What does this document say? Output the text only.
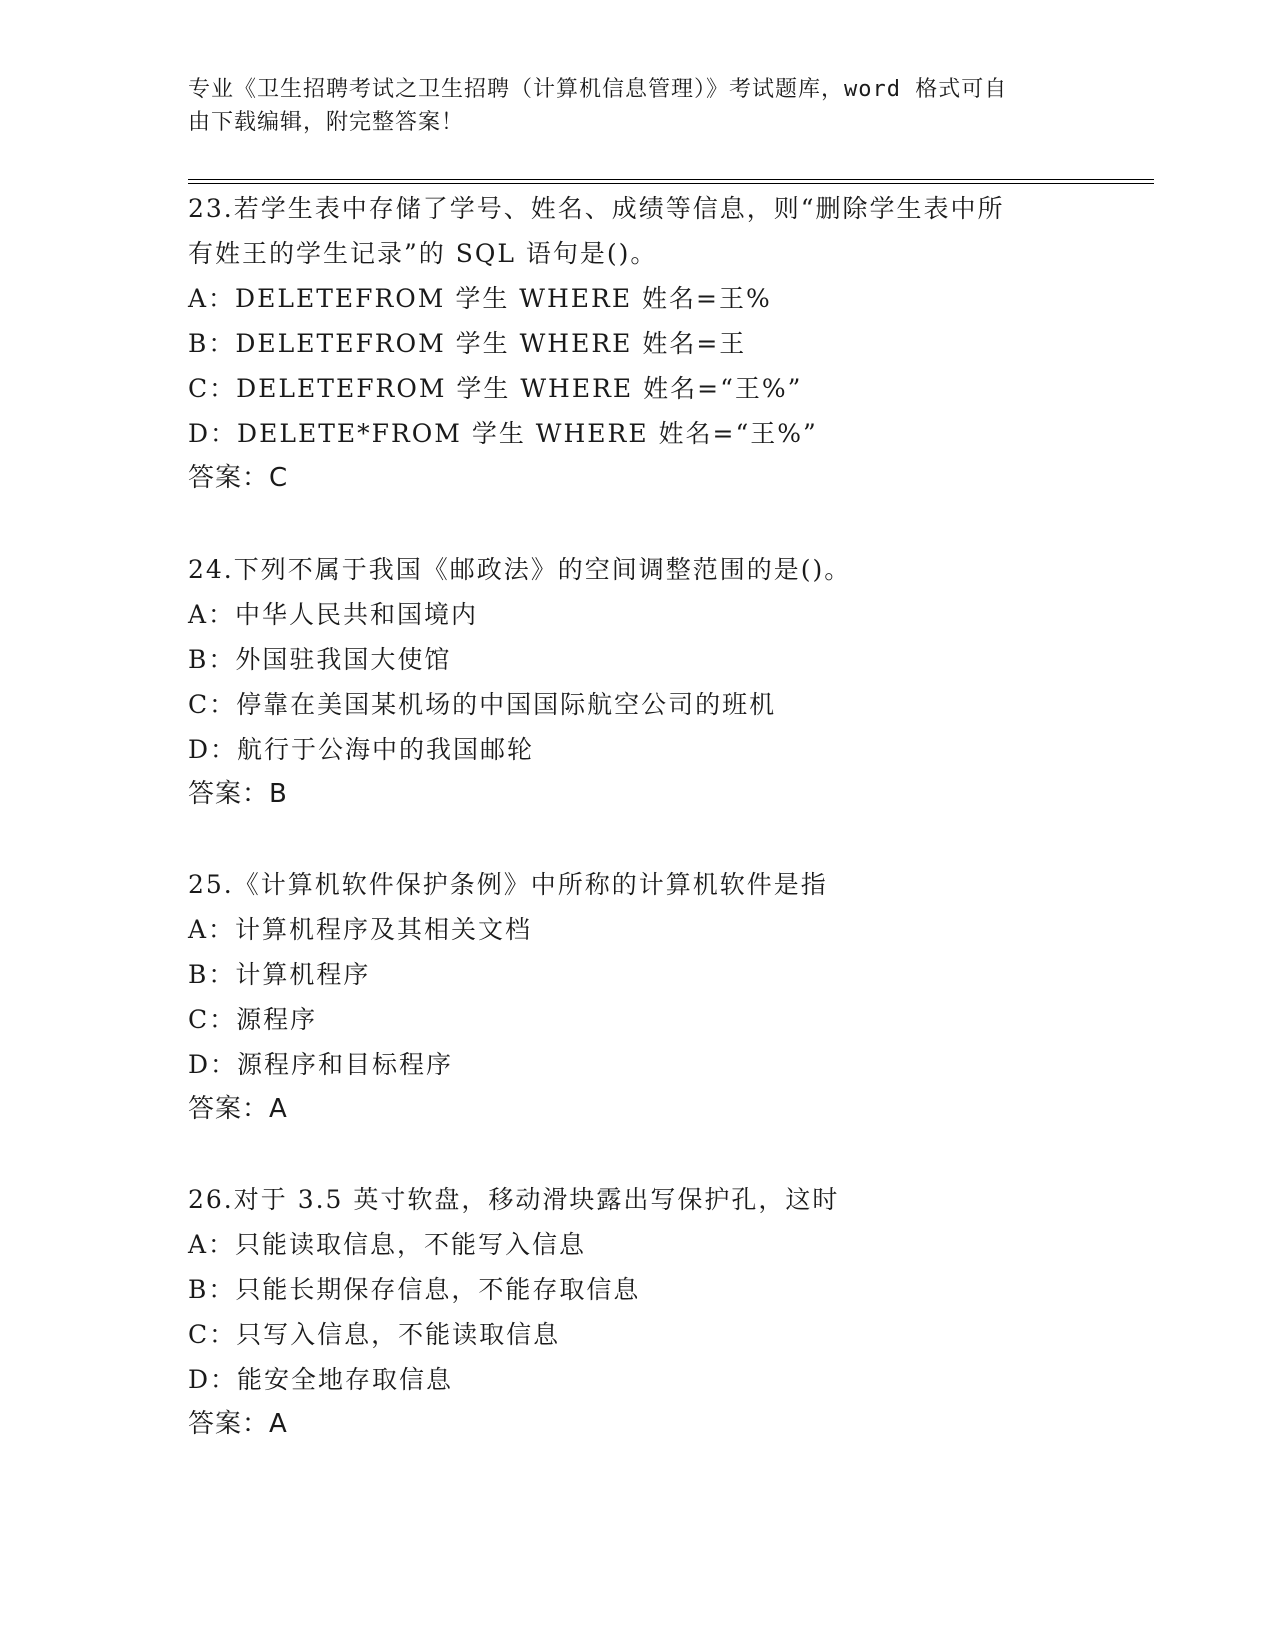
专业《卫生招聘考试之卫生招聘（计算机信息管理）》考试题库，word 格式可自
由下载编辑，附完整答案！
23.若学生表中存储了学号、姓名、成绩等信息，则“删除学生表中所
有姓王的学生记录”的 SQL 语句是()。
A：DELETEFROM 学生 WHERE 姓名=王%
B：DELETEFROM 学生 WHERE 姓名=王
C：DELETEFROM 学生 WHERE 姓名=“王%”
D：DELETE*FROM 学生 WHERE 姓名=“王%”
答案：C
24.下列不属于我国《邮政法》的空间调整范围的是()。
A：中华人民共和国境内
B：外国驻我国大使馆
C：停靠在美国某机场的中国国际航空公司的班机
D：航行于公海中的我国邮轮
答案：B
25.《计算机软件保护条例》中所称的计算机软件是指
A：计算机程序及其相关文档
B：计算机程序
C：源程序
D：源程序和目标程序
答案：A
26.对于 3.5 英寸软盘，移动滑块露出写保护孔，这时
A：只能读取信息，不能写入信息
B：只能长期保存信息，不能存取信息
C：只写入信息，不能读取信息
D：能安全地存取信息
答案：A
